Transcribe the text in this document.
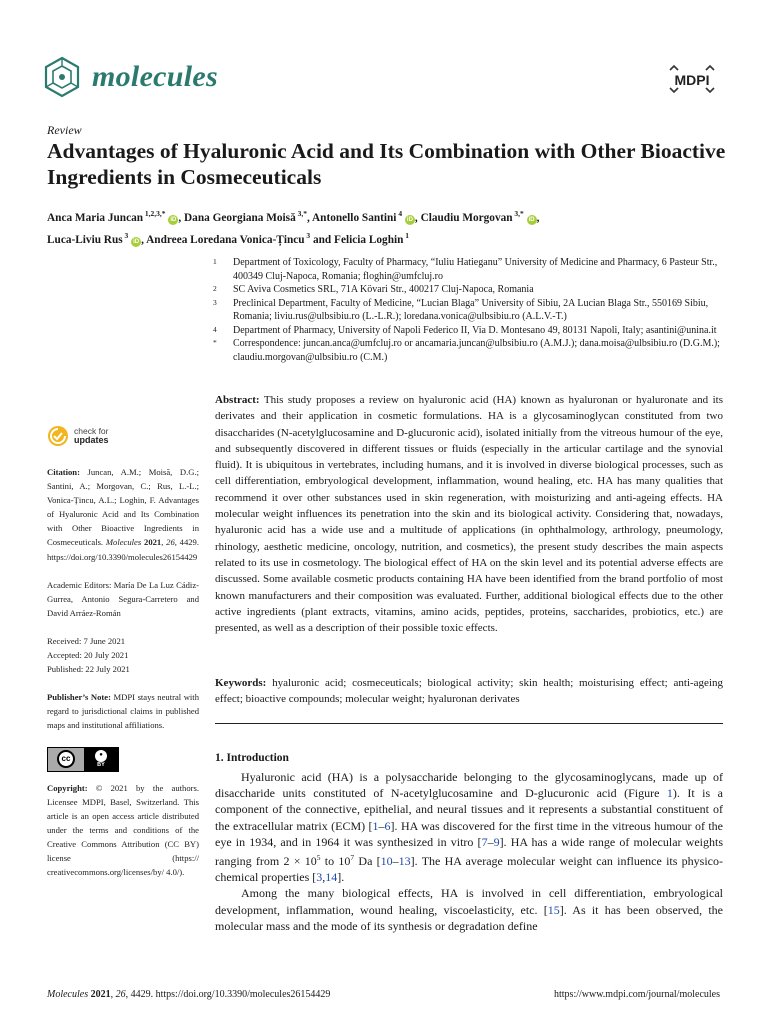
molecules	MDPI
Review
Advantages of Hyaluronic Acid and Its Combination with Other Bioactive Ingredients in Cosmeceuticals
Anca Maria Juncan $^{1,2,3,*}$ iD , Dana Georgiana Moisă $^{3,*}$, Antonello Santini $^4$ iD , Claudiu Morgovan $^{3,*}$ iD ,
Luca-Liviu Rus $^3$ iD , Andreea Loredana Vonica-Țincu $^3$ and Felicia Loghin $^1$
1	Department of Toxicology, Faculty of Pharmacy, “Iuliu Hatieganu” University of Medicine and Pharmacy, 6 Pasteur Str., 400349 Cluj-Napoca, Romania; floghin@umfcluj.ro
2	SC Aviva Cosmetics SRL, 71A Kövari Str., 400217 Cluj-Napoca, Romania
3	Preclinical Department, Faculty of Medicine, “Lucian Blaga” University of Sibiu, 2A Lucian Blaga Str., 550169 Sibiu, Romania; liviu.rus@ulbsibiu.ro (L.-L.R.); loredana.vonica@ulbsibiu.ro (A.L.V.-T.)
4	Department of Pharmacy, University of Napoli Federico II, Via D. Montesano 49, 80131 Napoli, Italy; asantini@unina.it
*	Correspondence: juncan.anca@umfcluj.ro or ancamaria.juncan@ulbsibiu.ro (A.M.J.); dana.moisa@ulbsibiu.ro (D.G.M.); claudiu.morgovan@ulbsibiu.ro (C.M.)
Abstract: This study proposes a review on hyaluronic acid (HA) known as hyaluronan or hyaluronate and its derivates and their application in cosmetic formulations. HA is a glycosaminoglycan constituted from two disaccharides (N-acetylglucosamine and D-glucuronic acid), isolated initially from the vitreous humour of the eye, and subsequently discovered in different tissues or fluids (especially in the articular cartilage and the synovial fluid). It is ubiquitous in vertebrates, including humans, and it is involved in diverse biological processes, such as cell differentiation, embryological development, inflammation, wound healing, etc. HA has many qualities that recommend it over other substances used in skin regeneration, with moisturizing and anti-ageing effects. HA molecular weight influences its penetration into the skin and its biological activity. Considering that, nowadays, hyaluronic acid has a wide use and a multitude of applications (in ophthalmology, arthrology, pneumology, rhinology, aesthetic medicine, oncology, nutrition, and cosmetics), the present study describes the main aspects related to its use in cosmetology. The biological effect of HA on the skin level and its potential adverse effects are discussed. Some available cosmetic products containing HA have been identified from the brand portfolio of most known manufacturers and their composition was evaluated. Further, additional biological effects due to the other active ingredients (plant extracts, vitamins, amino acids, peptides, proteins, saccharides, probiotics, etc.) are presented, as well as a description of their possible toxic effects.
Keywords: hyaluronic acid; cosmeceuticals; biological activity; skin health; moisturising effect; anti-ageing effect; bioactive compounds; molecular weight; hyaluronan derivates
1. Introduction

Hyaluronic acid (HA) is a polysaccharide belonging to the glycosaminoglycans, made up of disaccharide units constituted of N-acetylglucosamine and D-glucuronic acid (Figure 1). It is a component of the connective, epithelial, and neural tissues and it represents a substantial constituent of the extracellular matrix (ECM) [1–6]. HA was discovered for the first time in the vitreous humour of the eye in 1934, and in 1964 it was synthesized in vitro [7–9]. HA has a wide range of molecular weights ranging from $2 \times 10^5$ to $10^7$ Da [10–13]. The HA average molecular weight can influence its physico-chemical properties [3,14].

Among the many biological effects, HA is involved in cell differentiation, embryological development, inflammation, wound healing, viscoelasticity, etc. [15]. As it has been observed, the molecular mass and the mode of its synthesis or degradation define

check for
updates
Citation: Juncan, A.M.; Moisă, D.G.; Santini, A.; Morgovan, C.; Rus, L.-L.; Vonica-Țincu, A.L.; Loghin, F. Advantages of Hyaluronic Acid and Its Combination with Other Bioactive Ingredients in Cosmeceuticals. Molecules 2021, 26, 4429. https://doi.org/10.3390/molecules26154429
Academic Editors: María De La Luz Cádiz-Gurrea, Antonio Segura-Carretero and David Arráez-Román
Received: 7 June 2021
Accepted: 20 July 2021
Published: 22 July 2021
Publisher’s Note: MDPI stays neutral with regard to jurisdictional claims in published maps and institutional affiliations.
cc	●
BY
Copyright: © 2021 by the authors. Licensee MDPI, Basel, Switzerland. This article is an open access article distributed under the terms and conditions of the Creative Commons Attribution (CC BY) license (https:// creativecommons.org/licenses/by/ 4.0/).
Molecules 2021, 26, 4429. https://doi.org/10.3390/molecules26154429	https://www.mdpi.com/journal/molecules
